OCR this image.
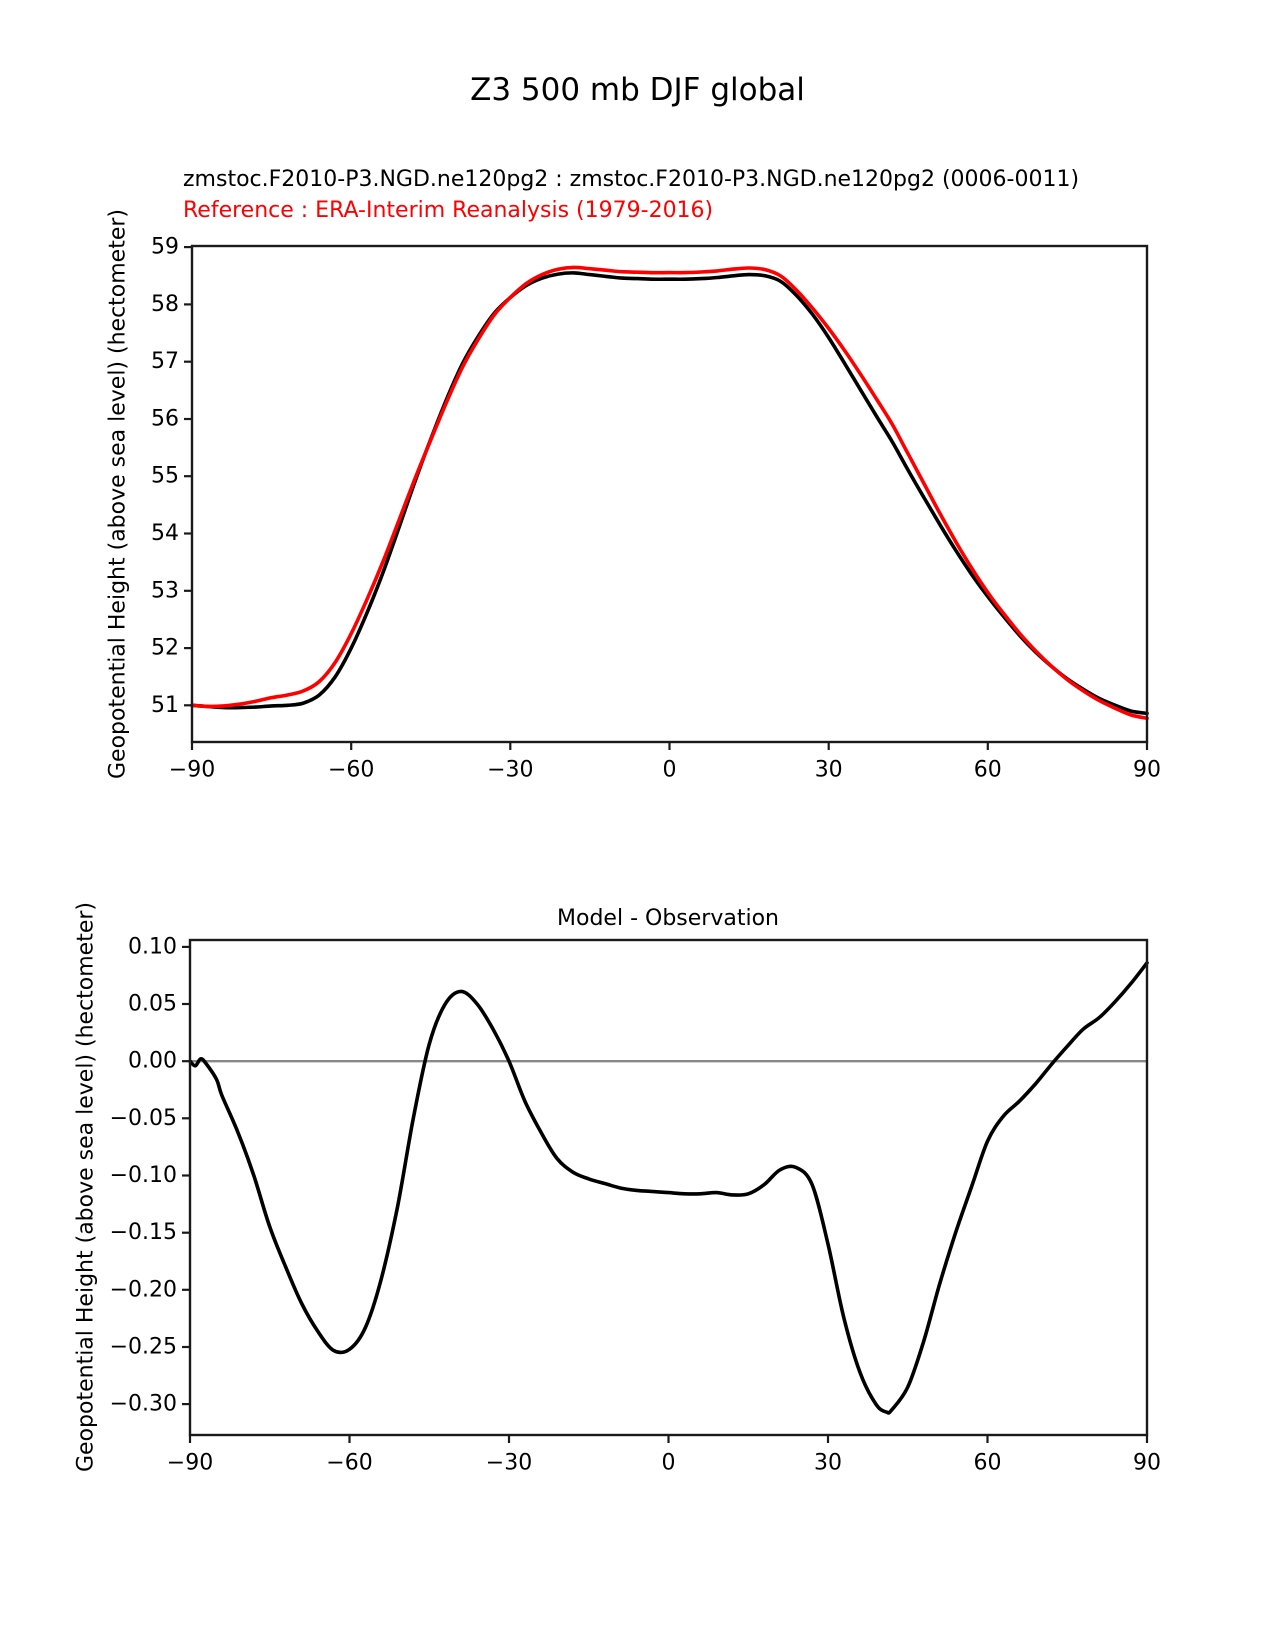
Z3 500 mb DJF global
zmstoc.F2010-P3.NGD.ne120pg2 : zmstoc.F2010-P3.NGD.ne120pg2 (0006-0011)
Reference : ERA-Interim Reanalysis (1979-2016)
Geopotential Height (above sea level) (hectometer)
Geopotential Height (above sea level) (hectometer)	Model - Observation
−90	−60	−30	0	30	60	90
51
52
53
54
55
56
57
58
59
−90	−60	−30	0	30	60	90
0.10
0.05
0.00
−0.05
−0.10
−0.15
−0.20
−0.25
−0.30
